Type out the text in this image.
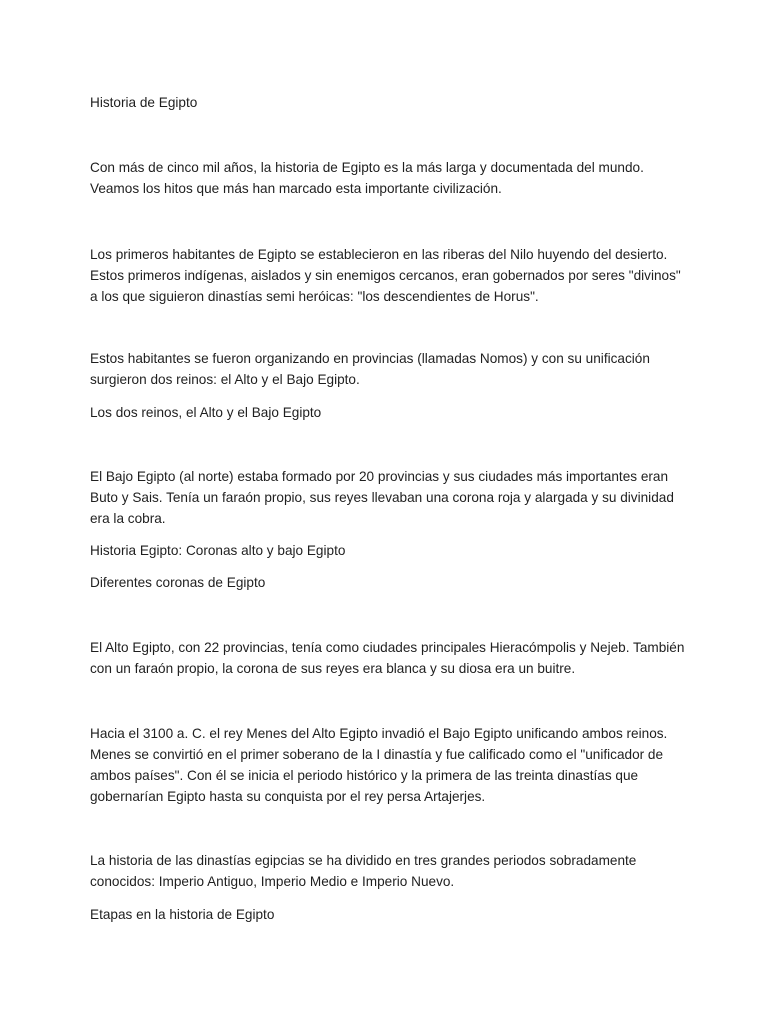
Historia de Egipto

Con más de cinco mil años, la historia de Egipto es la más larga y documentada del mundo. Veamos los hitos que más han marcado esta importante civilización.

Los primeros habitantes de Egipto se establecieron en las riberas del Nilo huyendo del desierto. Estos primeros indígenas, aislados y sin enemigos cercanos, eran gobernados por seres "divinos" a los que siguieron dinastías semi heróicas: "los descendientes de Horus".

Estos habitantes se fueron organizando en provincias (llamadas Nomos) y con su unificación surgieron dos reinos: el Alto y el Bajo Egipto.

Los dos reinos, el Alto y el Bajo Egipto

El Bajo Egipto (al norte) estaba formado por 20 provincias y sus ciudades más importantes eran Buto y Sais. Tenía un faraón propio, sus reyes llevaban una corona roja y alargada y su divinidad era la cobra.

Historia Egipto: Coronas alto y bajo Egipto

Diferentes coronas de Egipto

El Alto Egipto, con 22 provincias, tenía como ciudades principales Hieracómpolis y Nejeb. También con un faraón propio, la corona de sus reyes era blanca y su diosa era un buitre.

Hacia el 3100 a. C. el rey Menes del Alto Egipto invadió el Bajo Egipto unificando ambos reinos. Menes se convirtió en el primer soberano de la I dinastía y fue calificado como el "unificador de ambos países". Con él se inicia el periodo histórico y la primera de las treinta dinastías que gobernarían Egipto hasta su conquista por el rey persa Artajerjes.

La historia de las dinastías egipcias se ha dividido en tres grandes periodos sobradamente conocidos: Imperio Antiguo, Imperio Medio e Imperio Nuevo.

Etapas en la historia de Egipto
